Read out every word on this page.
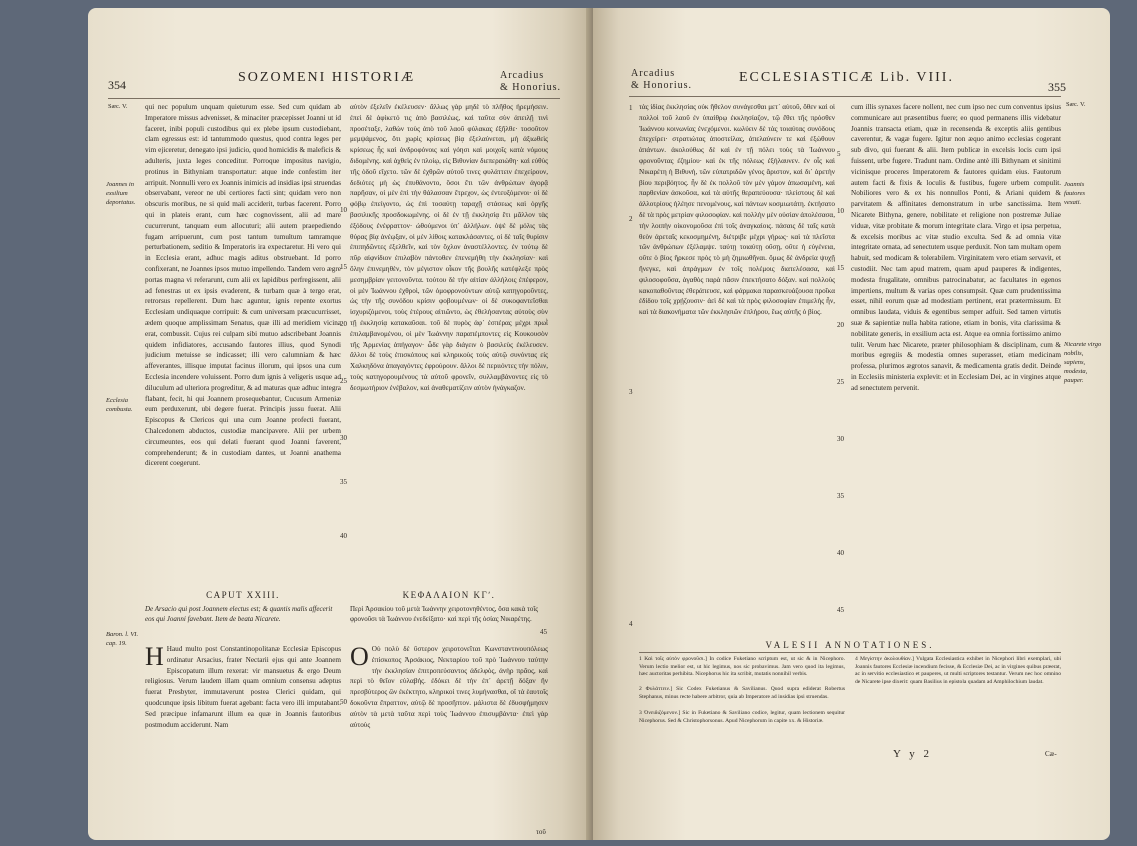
354	SOZOMENI HISTORIÆ	Arcadius
& Honorius.
Sæc. V.
Joannes in exsilium deportatus.
Ecclesia combusta.
Baron. l. VI. cap. 19.
qui nec populum unquam quieturum esse. Sed cum quidam ab Imperatore missus advenisset, & minaciter præcepisset Joanni ut id faceret, inibi populi custodibus qui ex plebe ipsum custodiebant, clam egressus est: id tantummodo questus, quod contra leges per vim ejiceretur, denegato ipsi judicio, quod homicidis & maleficis & adulteris, juxta leges conceditur. Porroque impositus navigio, protinus in Bithyniam transportatur: atque inde confestim iter arripuit. Nonnulli vero ex Joannis inimicis ad insidias ipsi struendas observabant, vereor ne ubi certiores facti sint; quidam vero non obscuris moribus, ne si quid mali acciderit, turbas facerent. Porro qui in plateis erant, cum hæc cognovissent, alii ad mare cucurrerunt, tanquam eum allocuturi; alii autem praepediendo fugam arripuerunt, cum post tantum tumultum tamramque perturbationem, seditio & Imperatoris ira expectaretur. Hi vero qui in Ecclesia erant, adhuc magis aditus obstruebant. Id porro confixerant, ne Joannes ipsos mutuo impellendo. Tandem vero ægre portas magna vi referarunt, cum alii ex lapidibus perfregissent, alii ad fenestras ut ex ipsis evaderent, & turbam quæ à tergo erat, retrorsus repellerent. Dum hæc aguntur, ignis repente exortus Ecclesiam undiquaque corripuit: & cum universam præcucurrisset, ædem quoque amplissimam Senatus, quæ illi ad meridiem vicina erat, combussit. Cujus rei culpam sibi mutuo adscribebant Joannis quidem infidiatores, accusando fautores illius, quod Synodi judicium metuisse se indicasset; illi vero calumniam & hæc affeverantes, illisque imputat facinus illorum, qui ipsos una cum Ecclesia incendere voluissent. Porro dum ignis à veligeris usque ad diluculum ad ulteriora progreditur, & ad maturas quæ adhuc integra flabant, fecit, hi qui Joannem prosequebantur, Cucusum Armeniæ eum perduxerunt, ubi degere fuerat. Principis jussu fuerat. Alii Episcopus & Clericos qui una cum Joanne profecti fuerant, Chalcedonem abductos, custodiæ mancipavere. Alii per urbem circumeuntes, eos qui delati fuerant quod Joanni faverent, comprehenderunt; & in custodiam dantes, ut Joanni anathema dicerent coegerunt.
αὐτὸν ἐξελεῖν ἐκέλευσεν· ἄλλως γὰρ μηδὲ τὸ πλῆθος ἠρεμήσειν. ἐπεὶ δὲ ἀφίκετό τις ἀπὸ βασιλέως, καὶ ταῦτα σὺν ἀπειλῇ τινὶ προσέταξε, λαθὼν τοὺς ἀπὸ τοῦ λαοῦ φύλακας ἐξῆλθε· τοσοῦτον μεμψάμενος, ὅτι χωρὶς κρίσεως βίᾳ ἐξελαύνεται, μὴ ἀξιωθεὶς κρίσεως ἧς καὶ ἀνδροφόνοις καὶ γόησι καὶ μοιχοῖς κατὰ νόμους διδομένης. καὶ ἀχθεὶς ἐν πλοίῳ, εἰς Βιθυνίαν διεπεραιώθη· καὶ εὐθὺς τῆς ὁδοῦ εἴχετο. τῶν δὲ ἐχθρῶν αὐτοῦ τινες φυλάττειν ἐπεχείρουν, δεδιότες μὴ ὡς ἐπυθάνοντο, ὅσοι ἔτι τῶν ἀνθρώπων ἀγορᾷ παρῆσαν, οἱ μὲν ἐπὶ τὴν θάλασσαν ἔτρεχον, ὡς ἐντευξόμενοι· οἱ δὲ φόβῳ ἐπείγοντο, ὡς ἐπὶ τοσαύτῃ ταραχῇ στάσεως καὶ ὀργῆς βασιλικῆς προσδοκωμένης. οἱ δὲ ἐν τῇ ἐκκλησίᾳ ἔτι μᾶλλον τὰς ἐξόδους ἐνέφραττον· ὠθούμενοι ὑπ᾽ ἀλλήλων. ὀψὲ δὲ μόλις τὰς θύρας βίᾳ ἀνέῳξαν, οἱ μὲν λίθοις κατακλάσαντες, οἱ δὲ ταῖς θυρίσιν ἐπιπηδῶντες ἐξελθεῖν, καὶ τὸν ὄχλον ἀναστέλλοντες. ἐν τούτῳ δὲ πῦρ αἰφνίδιον ἐπιλαβὸν πάντοθεν ἐπενεμήθη τὴν ἐκκλησίαν· καὶ ὅλην ἐπινεμηθὲν, τὸν μέγιστον οἶκον τῆς βουλῆς κατέφλεξε πρὸς μεσημβρίαν γειτονοῦντα. τούτου δὲ τὴν αἰτίαν ἀλλήλοις ἐπέφερον, οἱ μὲν Ἰωάννου ἐχθροὶ, τῶν ὁμοφρονούντων αὐτῷ κατηγοροῦντες, ὡς τὴν τῆς συνόδου κρίσιν φοβουμένων· οἱ δὲ συκοφαντεῖσθαι ἰσχυριζόμενοι, τοὺς ἑτέρους αἰτιῶντο, ὡς ἐθελήσαντας αὐτοὺς σὺν τῇ ἐκκλησίᾳ κατακαῦσαι. τοῦ δὲ πυρὸς ἀφ᾽ ἑσπέρας μέχρι πρωῒ ἐπιλαμβανομένου, οἱ μὲν Ἰωάννην παραπέμποντες εἰς Κουκουσὸν τῆς Ἀρμενίας ἀπήγαγον· ὧδε γὰρ διάγειν ὁ βασιλεὺς ἐκέλευσεν. ἄλλοι δὲ τοὺς ἐπισκόπους καὶ κληρικοὺς τοὺς αὐτῷ συνόντας εἰς Χαλκηδόνα ἀπαγαγόντες ἐφρούρουν. ἄλλοι δὲ περιιόντες τὴν πόλιν, τοὺς κατηγορουμένους τὰ αὐτοῦ φρονεῖν, συλλαμβάνοντες εἰς τὸ δεσμωτήριον ἐνέβαλον, καὶ ἀναθεματίζειν αὐτὸν ἠνάγκαζον.
10
15
20
25
30
35
40
CAPUT XXIII.	ΚΕΦΑΛΑΙΟΝ ΚΓʹ.
De Arsacio qui post Joannem electus est; & quantis malis affecerit eos qui Joanni favebant. Item de beata Nicarete.
Περὶ Ἀρσακίου τοῦ μετὰ Ἰωάννην χειροτονηθέντος, ὅσα κακὰ τοῖς φρονοῦσι τὰ Ἰωάννου ἐνεδείξατο· καὶ περὶ τῆς ὁσίας Νικαρέτης.
45
H Haud multo post Constantinopolitanæ Ecclesiæ Episcopus ordinatur Arsacius, frater Nectarii ejus qui ante Joannem Episcopatum illum rexerat: vir mansuetus & ergo Deum religiosus. Verum laudem illam quam omnium consensu adeptus fuerat Presbyter, immutaverunt postea Clerici quidam, qui quodcunque ipsis libitum fuerat agebant: facta vero illi imputabant. Sed præcipue infamarunt illum ea quæ in Joannis fautoribus postmodum acciderunt. Nam
O Οὐ πολὺ δὲ ὕστερον χειροτονεῖται Κωνσταντινουπόλεως ἐπίσκοπος Ἀρσάκιος, Νεκταρίου τοῦ πρὸ Ἰωάννου ταύτην τὴν ἐκκλησίαν ἐπιτροπεύσαντος ἀδελφὸς, ἀνὴρ πρᾶος, καὶ περὶ τὸ θεῖον εὐλαβής. ἐδόκει δὲ τὴν ἐπ᾽ ἀρετῇ δόξαν ἣν πρεσβύτερος ὢν ἐκέκτητο, κληρικοί τινες λυμήνασθαι, οἳ τὰ ἑαυτοῖς δοκοῦντα ἔπραττον, αὐτῷ δὲ προσῆπτον. μάλιστα δὲ ἐδυσφήμησεν αὐτὸν τὰ μετὰ ταῦτα περὶ τοὺς Ἰωάννου ἐπισυμβάντα· ἐπεὶ γὰρ αὐτοὺς
50
τοῦ
Arcadius
& Honorius.
ECCLESIASTICÆ Lib. VIII.
355
Sæc. V.
Joannis fautores vexati.
Nicarete virgo nobilis, sapiens, modesta, pauper.
1
2
3
4
τὰς ἰδίας ἐκκλησίας οὐκ ἤθελον συνάγεσθαι μετ᾽ αὐτοῦ, ὅθεν καὶ οἱ πολλοὶ τοῦ λαοῦ ἐν ὑπαίθρῳ ἐκκλησίαζον, τῷ ἔθει τῆς πρόσθεν Ἰωάννου κοινωνίας ἐνεχόμενοι. κωλύειν δὲ τὰς τοιαύτας συνόδους ἐπεχείρει· στρατιώτας ἀποστείλας, ἀπελαύνειν τε καὶ ἐξώθουν ἁπάντων. ἀκολούθως δὲ καὶ ἐν τῇ πόλει τοὺς τὰ Ἰωάννου φρονοῦντας ἐζημίου· καὶ ἐκ τῆς πόλεως ἐξήλαυνεν. ἐν οἷς καὶ Νικαρέτη ἡ Βιθυνὴ, τῶν εὐπατριδῶν γένος ἄριστον, καὶ δι᾽ ἀρετὴν βίου περιβόητος. ἦν δὲ ἐκ πολλοῦ τὸν μὲν γάμον ἀπωσαμένη, καὶ παρθενίαν ἀσκοῦσα, καὶ τὰ αὐτῆς θεραπεύουσα· πλείστους δὲ καὶ ἀλλοτρίους ἠλέησε πενομένους, καὶ πάντων κοσμιωτάτη. ἐκτήσατο δὲ τὰ πρὸς μετρίαν φιλοσοφίαν. καὶ πολλὴν μὲν οὐσίαν ἀπολέσασα, τὴν λοιπὴν οἰκονομοῦσα ἐπὶ τοῖς ἀναγκαίοις. πάσαις δὲ ταῖς κατὰ θεὸν ἀρεταῖς κεκοσμημένη, διέτριβε μέχρι γήρως· καὶ τὰ πλεῖστα τῶν ἀνθρώπων ἐξέλαμψε. ταύτῃ τοιαύτῃ οὔσῃ, οὔτε ἡ εὐγένεια, οὔτε ὁ βίος ἤρκεσε πρὸς τὸ μὴ ζημιωθῆναι. ὅμως δὲ ἀνδρεία ψυχῇ ἤνεγκε, καὶ ἀπράγμων ἐν τοῖς πολέμοις διατελέσασα, καὶ φιλοσοφοῦσα, ἀγαθὸς παρὰ πᾶσιν ἐπεκτήσατο δόξαν. καὶ πολλοὺς κακοπαθοῦντας ἐθεράπευσε, καὶ φάρμακα παρασκευάζουσα προῖκα ἐδίδου τοῖς χρῄζουσιν· ἀεὶ δὲ καὶ τὰ πρὸς φιλοσοφίαν ἐπιμελὴς ἦν, καὶ τὰ διακονήματα τῶν ἐκκλησιῶν ἐπλήρου, ἕως αὐτῆς ὁ βίος.
cum illis synaxes facere nollent, nec cum ipso nec cum conventus ipsius communicare aut præsentibus fuere; eo quod permanens illis videbatur Joannis transacta etiam, quæ in recensenda & exceptis aliis gentibus caverentur, & vagæ fugere. Igitur non æquo animo ecclesias cogerant sub divo, qui fuerant & alii. Item publicæ in excelsis locis cum ipsi fuissent, urbe fugere. Tradunt nam. Ordine antè illi Bithynam et sinitimi vicinisque proceres Imperatorem & fautores quidam eius. Fautorum autem facti & fixis & loculis & fustibus, fugere urbem compulit. Nobiliores vero & ex his nonnullos Ponti, & Ariani quidem & parvitatem & affinitates demonstratum in urbe sanctissima. Item Nicarete Bithyna, genere, nobilitate et religione non postremæ Juliae viduæ, vitæ probitate & morum integritate clara. Virgo et ipsa perpetua, & excelsis moribus ac vitæ studio exculta. Sed & ad omnia vitæ integritate ornata, ad senectutem usque perduxit. Non tam multam opem habuit, sed modicam & tolerabilem. Virginitatem vero etiam servavit, et custodiit. Nec tam apud matrem, quam apud pauperes & indigentes, modesta frugalitate, omnibus patrocinabatur, ac facultates in egenos impertiens, multum & varias opes consumpsit. Quæ cum prudentissima esset, nihil eorum quæ ad modestiam pertinent, erat prætermissum. Et omnibus laudata, viduis & egentibus semper adfuit. Sed tamen virtutis suæ & sapientiæ nulla habita ratione, etiam in bonis, vita clarissima & nobilitate generis, in exsilium acta est. Atque ea omnia fortissimo animo tulit. Verum hæc Nicarete, præter philosophiam & disciplinam, cum & moribus egregiis & modestia omnes superasset, etiam medicinam professa, plurimos ægrotos sanavit, & medicamenta gratis dedit. Deinde in Ecclesiis ministeria explevit: et in Ecclesiam Dei, ac in virgines atque ad senectutem pervenit.
5
10
15
20
25
30
35
40
45
VALESII ANNOTATIONES.
1 Καὶ τοῖς αὐτὸν φρονοῦσι.] In codice Fuketiano scriptum est, ut sic & in Nicephoro. Verum lectio melior est, ut hic legimus, nos sic probavimus. Jam vero quod ita legimus, hæc auctoritas perhibita. Nicephorus hic ita scribit, mutatis nonnihil verbis.
2 Φυλάττειν.] Sic Codex Fuketianus & Savilianus. Quod supra ediderat Robertus Stephanus, minus recte habere arbitror, quia ab Imperatore ad insidias ipsi struendas.
3 Ὀνειδιζόμενον.] Sic in Fuketiano & Saviliano codice, legitur, quam lectionem sequitur Nicephorus. Sed & Christophorsonus. Apud Nicephorum in capite xx. & Historiæ.
4 Μεγίστην ἀκολουθίαν.] Vulgata Ecclesiastica exhibet in Nicephori libri exemplari, ubi Joannis fautores Ecclesiæ incendium fecisse, & Ecclesiæ Dei, ac in virgines quibus præerat, ac in servitio ecclesiastico et pauperes, ut multi scriptores testantur. Verum nec hoc omnino de Nicarete ipse dixerit: quam Basilius in epistola quadam ad Amphilochium laudat.
Y y 2	Cæ-
